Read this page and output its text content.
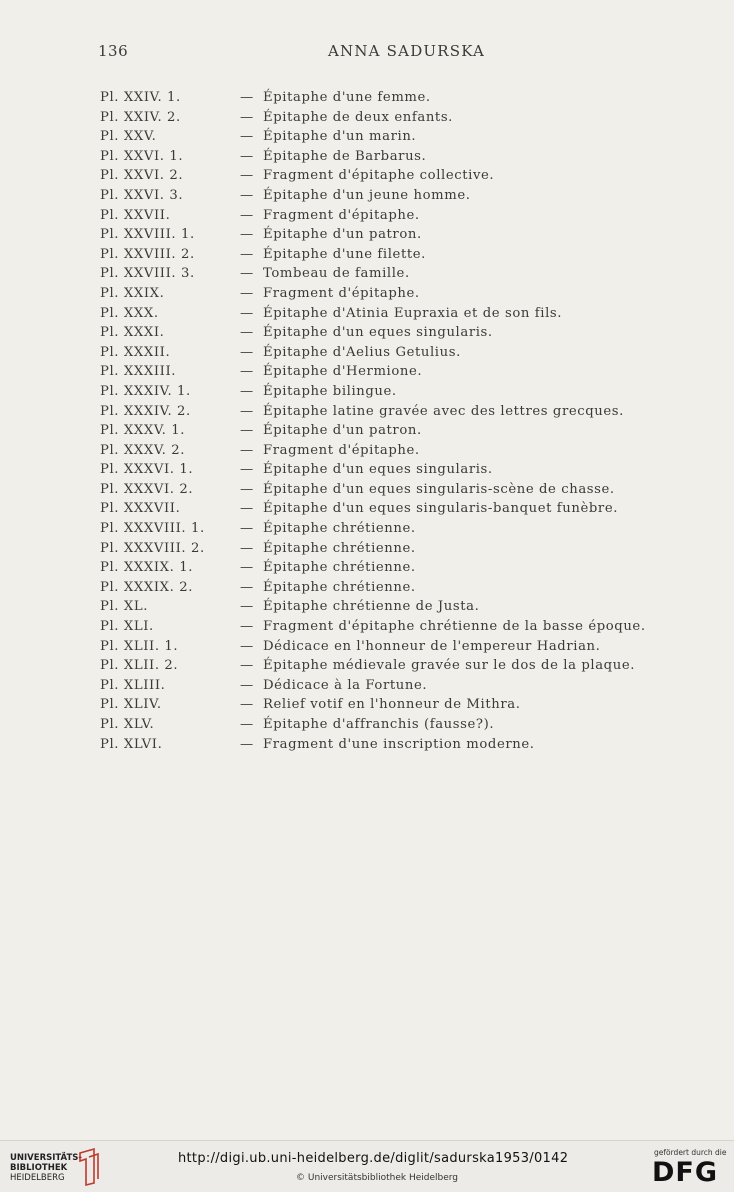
136	ANNA SADURSKA
Pl. XXIV. 1.	— Épitaphe d'une femme.
Pl. XXIV. 2.	— Épitaphe de deux enfants.
Pl. XXV.	— Épitaphe d'un marin.
Pl. XXVI. 1.	— Épitaphe de Barbarus.
Pl. XXVI. 2.	— Fragment d'épitaphe collective.
Pl. XXVI. 3.	— Épitaphe d'un jeune homme.
Pl. XXVII.	— Fragment d'épitaphe.
Pl. XXVIII. 1.	— Épitaphe d'un patron.
Pl. XXVIII. 2.	— Épitaphe d'une filette.
Pl. XXVIII. 3.	— Tombeau de famille.
Pl. XXIX.	— Fragment d'épitaphe.
Pl. XXX.	— Épitaphe d'Atinia Eupraxia et de son fils.
Pl. XXXI.	— Épitaphe d'un eques singularis.
Pl. XXXII.	— Épitaphe d'Aelius Getulius.
Pl. XXXIII.	— Épitaphe d'Hermione.
Pl. XXXIV. 1.	— Épitaphe bilingue.
Pl. XXXIV. 2.	— Épitaphe latine gravée avec des lettres grecques.
Pl. XXXV. 1.	— Épitaphe d'un patron.
Pl. XXXV. 2.	— Fragment d'épitaphe.
Pl. XXXVI. 1.	— Épitaphe d'un eques singularis.
Pl. XXXVI. 2.	— Épitaphe d'un eques singularis-scène de chasse.
Pl. XXXVII.	— Épitaphe d'un eques singularis-banquet funèbre.
Pl. XXXVIII. 1.	— Épitaphe chrétienne.
Pl. XXXVIII. 2.	— Épitaphe chrétienne.
Pl. XXXIX. 1.	— Épitaphe chrétienne.
Pl. XXXIX. 2.	— Épitaphe chrétienne.
Pl. XL.	— Épitaphe chrétienne de Justa.
Pl. XLI.	— Fragment d'épitaphe chrétienne de la basse époque.
Pl. XLII. 1.	— Dédicace en l'honneur de l'empereur Hadrian.
Pl. XLII. 2.	— Épitaphe médievale gravée sur le dos de la plaque.
Pl. XLIII.	— Dédicace à la Fortune.
Pl. XLIV.	— Relief votif en l'honneur de Mithra.
Pl. XLV.	— Épitaphe d'affranchis (fausse?).
Pl. XLVI.	— Fragment d'une inscription moderne.
UNIVERSITÄTS-
BIBLIOTHEK
HEIDELBERG
http://digi.ub.uni-heidelberg.de/diglit/sadurska1953/0142
© Universitätsbibliothek Heidelberg
gefördert durch die
DFG
